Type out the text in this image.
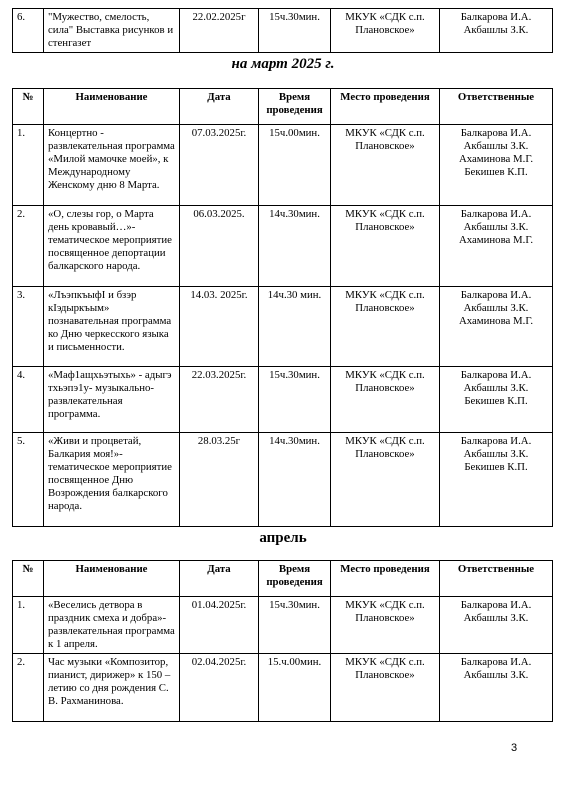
6.	"Мужество, смелость, сила" Выставка рисунков и стенгазет	22.02.2025г	15ч.30мин.	МКУК «СДК с.п. Плановское»	Балкарова И.А. Акбашлы З.К.
на март 2025 г.
№	Наименование	Дата	Время проведения	Место проведения	Ответственные
1.	Концертно - развлекательная программа «Милой мамочке моей», к Международному Женскому дню 8 Марта.	07.03.2025г.	15ч.00мин.	МКУК «СДК с.п. Плановское»	Балкарова И.А. Акбашлы З.К. Ахаминова М.Г. Бекишев К.П.
2.	«О, слезы гор, о Марта день кровавый…»- тематическое мероприятие посвященное депортации балкарского народа.	06.03.2025.	14ч.30мин.	МКУК «СДК с.п. Плановское»	Балкарова И.А. Акбашлы З.К. Ахаминова М.Г.
3.	«ЛъэпкъыфI и бзэр кIэдыркъым» познавательная программа ко Дню черкесского языка и письменности.	14.03. 2025г.	14ч.30 мин.	МКУК «СДК с.п. Плановское»	Балкарова И.А. Акбашлы З.К. Ахаминова М.Г.
4.	«Маф1ащхьэтыхь» - адыгэ тхьэпэ1у- музыкально- развлекательная программа.	22.03.2025г.	15ч.30мин.	МКУК «СДК с.п. Плановское»	Балкарова И.А. Акбашлы З.К. Бекишев К.П.
5.	«Живи и процветай, Балкария моя!»- тематическое мероприятие посвященное Дню Возрождения балкарского народа.	28.03.25г	14ч.30мин.	МКУК «СДК с.п. Плановское»	Балкарова И.А. Акбашлы З.К. Бекишев К.П.
апрель
№	Наименование	Дата	Время проведения	Место проведения	Ответственные
1.	«Веселись детвора в праздник смеха и добра»- развлекательная программа к 1 апреля.	01.04.2025г.	15ч.30мин.	МКУК «СДК с.п. Плановское»	Балкарова И.А. Акбашлы З.К.
2.	Час музыки «Композитор, пианист, дирижер» к 150 – летию со дня рождения С. В. Рахманинова.	02.04.2025г.	15.ч.00мин.	МКУК «СДК с.п. Плановское»	Балкарова И.А. Акбашлы З.К.
3
